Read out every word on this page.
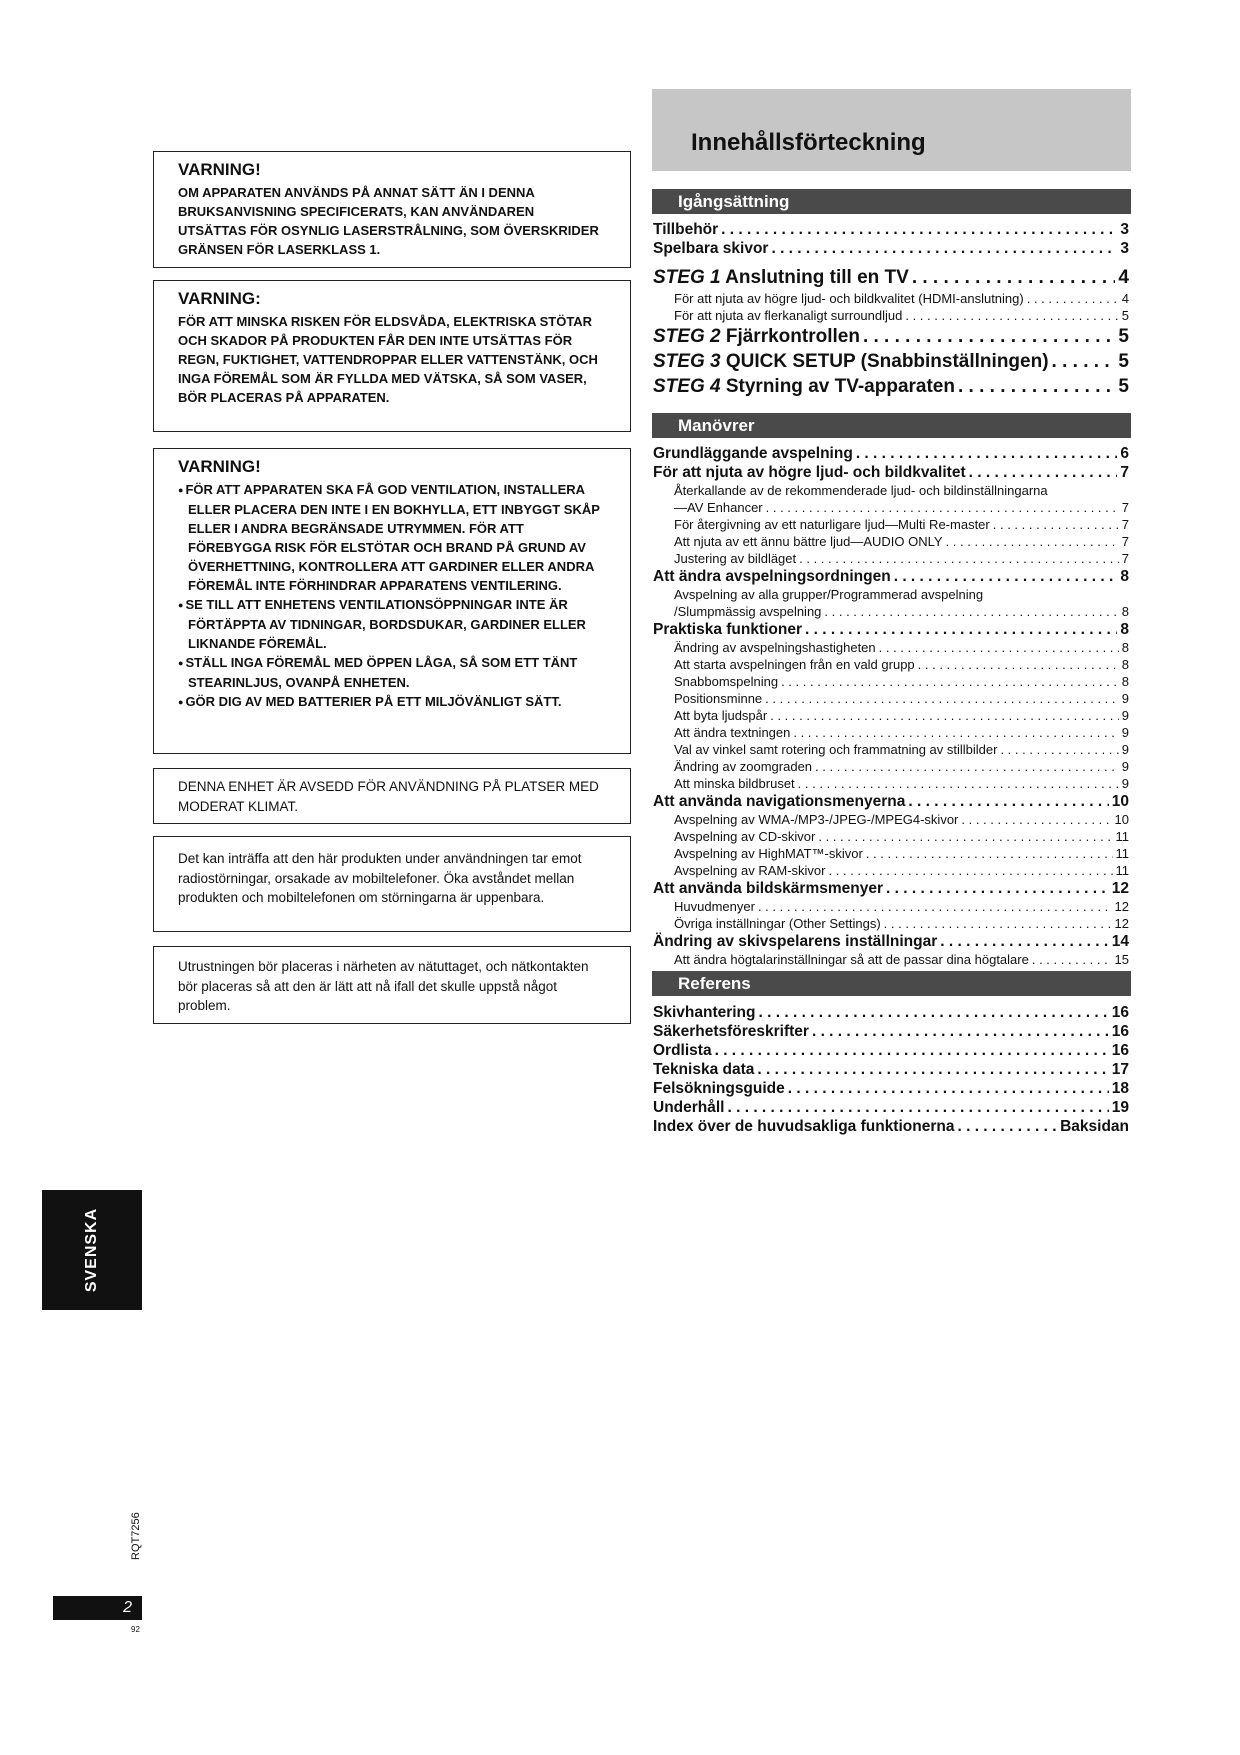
VARNING!

OM APPARATEN ANVÄNDS PÅ ANNAT SÄTT ÄN I DENNA BRUKSANVISNING SPECIFICERATS, KAN ANVÄNDAREN UTSÄTTAS FÖR OSYNLIG LASERSTRÅLNING, SOM ÖVERSKRIDER GRÄNSEN FÖR LASERKLASS 1.

VARNING:

FÖR ATT MINSKA RISKEN FÖR ELDSVÅDA, ELEKTRISKA STÖTAR OCH SKADOR PÅ PRODUKTEN FÅR DEN INTE UTSÄTTAS FÖR REGN, FUKTIGHET, VATTENDROPPAR ELLER VATTENSTÄNK, OCH INGA FÖREMÅL SOM ÄR FYLLDA MED VÄTSKA, SÅ SOM VASER, BÖR PLACERAS PÅ APPARATEN.

VARNING!
● FÖR ATT APPARATEN SKA FÅ GOD VENTILATION, INSTALLERA ELLER PLACERA DEN INTE I EN BOKHYLLA, ETT INBYGGT SKÅP ELLER I ANDRA BEGRÄNSADE UTRYMMEN. FÖR ATT FÖREBYGGA RISK FÖR ELSTÖTAR OCH BRAND PÅ GRUND AV ÖVERHETTNING, KONTROLLERA ATT GARDINER ELLER ANDRA FÖREMÅL INTE FÖRHINDRAR APPARATENS VENTILERING.
● SE TILL ATT ENHETENS VENTILATIONSÖPPNINGAR INTE ÄR FÖRTÄPPTA AV TIDNINGAR, BORDSDUKAR, GARDINER ELLER LIKNANDE FÖREMÅL.
● STÄLL INGA FÖREMÅL MED ÖPPEN LÅGA, SÅ SOM ETT TÄNT STEARINLJUS, OVANPÅ ENHETEN.
● GÖR DIG AV MED BATTERIER PÅ ETT MILJÖVÄNLIGT SÄTT.

DENNA ENHET ÄR AVSEDD FÖR ANVÄNDNING PÅ PLATSER MED MODERAT KLIMAT.

Det kan inträffa att den här produkten under användningen tar emot radiostörningar, orsakade av mobiltelefoner. Öka avståndet mellan produkten och mobiltelefonen om störningarna är uppenbara.

Utrustningen bör placeras i närheten av nätuttaget, och nätkontakten bör placeras så att den är lätt att nå ifall det skulle uppstå något problem.

SVENSKA
RQT7256
2
92
Innehållsförteckning
Igångsättning
Tillbehör . . .	3
Spelbara skivor . . .	3
STEG 1 Anslutning till en TV . . .	4
För att njuta av högre ljud- och bildkvalitet (HDMI-anslutning) . . .	4
För att njuta av flerkanaligt surroundljud . . .	5
STEG 2 Fjärrkontrollen . . .	5
STEG 3 QUICK SETUP (Snabbinställningen) . . .	5
STEG 4 Styrning av TV-apparaten . . .	5
Manövrer
Grundläggande avspelning . . .	6
För att njuta av högre ljud- och bildkvalitet . . .	7
Återkallande av de rekommenderade ljud- och bildinställningarna
—AV Enhancer . . .	7
För återgivning av ett naturligare ljud—Multi Re-master . . .	7
Att njuta av ett ännu bättre ljud—AUDIO ONLY . . .	7
Justering av bildläget . . .	7
Att ändra avspelningsordningen . . .	8
Avspelning av alla grupper/Programmerad avspelning
/Slumpmässig avspelning . . .	8
Praktiska funktioner . . .	8
Ändring av avspelningshastigheten . . .	8
Att starta avspelningen från en vald grupp . . .	8
Snabbomspelning . . .	8
Positionsminne . . .	9
Att byta ljudspår . . .	9
Att ändra textningen . . .	9
Val av vinkel samt rotering och frammatning av stillbilder . . .	9
Ändring av zoomgraden . . .	9
Att minska bildbruset . . .	9
Att använda navigationsmenyerna . . .	10
Avspelning av WMA-/MP3-/JPEG-/MPEG4-skivor . . .	10
Avspelning av CD-skivor . . .	11
Avspelning av HighMAT™-skivor . . .	11
Avspelning av RAM-skivor . . .	11
Att använda bildskärmsmenyer . . .	12
Huvudmenyer . . .	12
Övriga inställningar (Other Settings) . . .	12
Ändring av skivspelarens inställningar . . .	14
Att ändra högtalarinställningar så att de passar dina högtalare . . .	15
Referens
Skivhantering . . .	16
Säkerhetsföreskrifter . . .	16
Ordlista . . .	16
Tekniska data . . .	17
Felsökningsguide . . .	18
Underhåll . . .	19
Index över de huvudsakliga funktionerna . . .	Baksidan
